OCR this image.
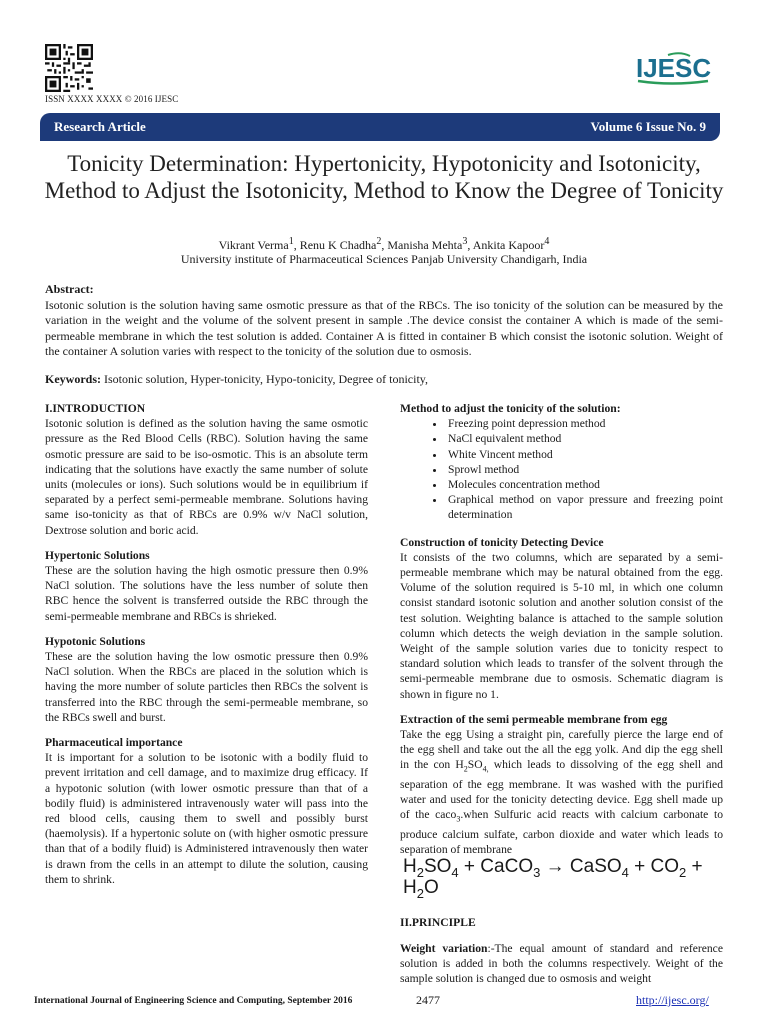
ISSN XXXX XXXX © 2016 IJESC
IJESC
Research Article	Volume 6 Issue No. 9
Tonicity Determination: Hypertonicity, Hypotonicity and Isotonicity, Method to Adjust the Isotonicity, Method to Know the Degree of Tonicity
Vikrant Verma$^1$, Renu K Chadha$^2$, Manisha Mehta$^3$, Ankita Kapoor$^4$
University institute of Pharmaceutical Sciences Panjab University Chandigarh, India
Abstract:

Isotonic solution is the solution having same osmotic pressure as that of the RBCs. The iso tonicity of the solution can be measured by the variation in the weight and the volume of the solvent present in sample .The device consist the container A which is made of the semi-permeable membrane in which the test solution is added. Container A is fitted in container B which consist the isotonic solution. Weight of the container A solution varies with respect to the tonicity of the solution due to osmosis.

Keywords: Isotonic solution, Hyper-tonicity, Hypo-tonicity, Degree of tonicity,
I.INTRODUCTION

Isotonic solution is defined as the solution having the same osmotic pressure as the Red Blood Cells (RBC). Solution having the same osmotic pressure are said to be iso-osmotic. This is an absolute term indicating that the solutions have exactly the same number of solute units (molecules or ions). Such solutions would be in equilibrium if separated by a perfect semi-permeable membrane. Solutions having same iso-tonicity as that of RBCs are 0.9% w/v NaCl solution, Dextrose solution and boric acid.

Hypertonic Solutions

These are the solution having the high osmotic pressure then 0.9% NaCl solution. The solutions have the less number of solute then RBC hence the solvent is transferred outside the RBC through the semi-permeable membrane and RBCs is shrieked.

Hypotonic Solutions

These are the solution having the low osmotic pressure then 0.9% NaCl solution. When the RBCs are placed in the solution which is having the more number of solute particles then RBCs the solvent is transferred into the RBC through the semi-permeable membrane, so the RBCs swell and burst.

Pharmaceutical importance

It is important for a solution to be isotonic with a bodily fluid to prevent irritation and cell damage, and to maximize drug efficacy. If a hypotonic solution (with lower osmotic pressure than that of a bodily fluid) is administered intravenously water will pass into the red blood cells, causing them to swell and possibly burst (haemolysis). If a hypertonic solute on (with higher osmotic pressure than that of a bodily fluid) is Administered intravenously then water is drawn from the cells in an attempt to dilute the solution, causing them to shrink.

Method to adjust the tonicity of the solution:
• Freezing point depression method
• NaCl equivalent method
• White Vincent method
• Sprowl method
• Molecules concentration method
• Graphical method on vapor pressure and freezing point determination
Construction of tonicity Detecting Device

It consists of the two columns, which are separated by a semi-permeable membrane which may be natural obtained from the egg. Volume of the solution required is 5-10 ml, in which one column consist standard isotonic solution and another solution consist of the test solution. Weighting balance is attached to the sample solution column which detects the weigh deviation in the sample solution. Weight of the sample solution varies due to tonicity respect to standard solution which leads to transfer of the solvent through the semi-permeable membrane due to osmosis. Schematic diagram is shown in figure no 1.

Extraction of the semi permeable membrane from egg

Take the egg Using a straight pin, carefully pierce the large end of the egg shell and take out the all the egg yolk. And dip the egg shell in the con $H_2SO_{4,}$ which leads to dissolving of the egg shell and separation of the egg membrane. It was washed with the purified water and used for the tonicity detecting device. Egg shell made up of the caco$_3$.when Sulfuric acid reacts with calcium carbonate to produce calcium sulfate, carbon dioxide and water which leads to separation of membrane

$H_2SO_4$ + CaCO$_3$ → CaSO$_4$ + $CO_2 + H_2O$
II.PRINCIPLE

Weight variation:-The equal amount of standard and reference solution is added in both the columns respectively. Weight of the sample solution is changed due to osmosis and weight

International Journal of Engineering Science and Computing, September 2016	2477	http://ijesc.org/
